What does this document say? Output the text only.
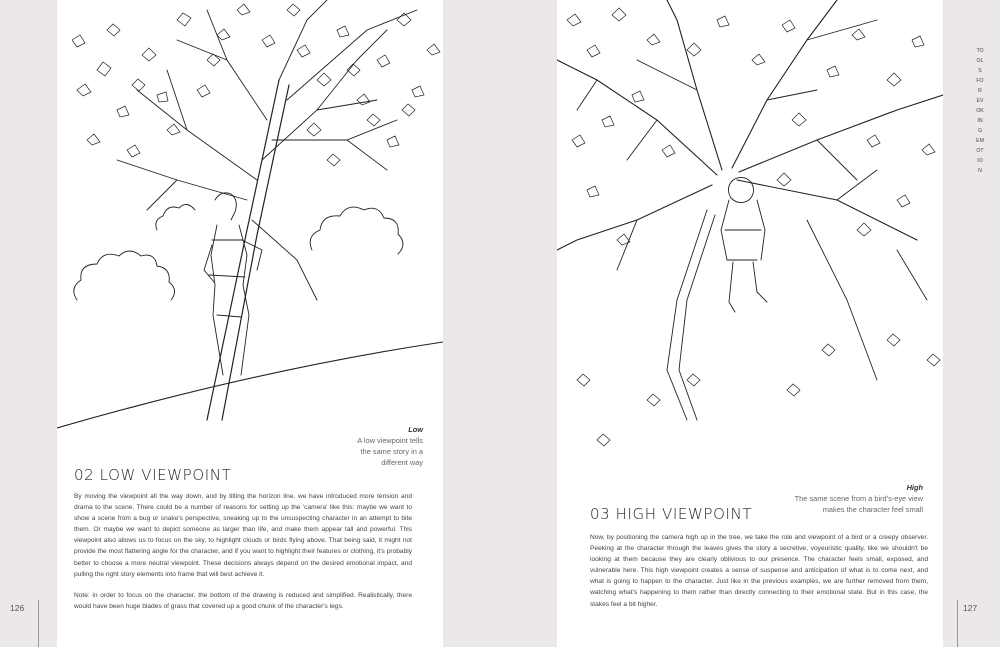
Low
A low viewpoint tells
the same story in a
different way
02 LOW VIEWPOINT

By moving the viewpoint all the way down, and by tilting the horizon line, we have introduced more tension and drama to the scene. There could be a number of reasons for setting up the 'camera' like this: maybe we want to show a scene from a bug or snake's perspective, sneaking up to the unsuspecting character in an attempt to bite them. Or maybe we want to depict someone as larger than life, and make them appear tall and powerful. This viewpoint also allows us to focus on the sky, to highlight clouds or birds flying above. That being said, it might not provide the most flattering angle for the character, and if you want to highlight their features or clothing, it's probably better to choose a more neutral viewpoint. These decisions always depend on the desired emotional impact, and pulling the right story elements into frame that will best achieve it.

Note: in order to focus on the character, the bottom of the drawing is reduced and simplified. Realistically, there would have been huge blades of grass that covered up a good chunk of the character's legs.

126
High
The same scene from a bird's-eye view
makes the character feel small
03 HIGH VIEWPOINT

Now, by positioning the camera high up in the tree, we take the role and viewpoint of a bird or a creepy observer. Peeking at the character through the leaves gives the story a secretive, voyeuristic quality, like we shouldn't be looking at them because they are clearly oblivious to our presence. The character feels small, exposed, and vulnerable here. This high viewpoint creates a sense of suspense and anticipation of what is to come next, and what is going to happen to the character. Just like in the previous examples, we are further removed from them, watching what's happening to them rather than directly connecting to their emotional state. But in this case, the stakes feel a bit higher.	127
TOOLS FOR EVOKING EMOTION
